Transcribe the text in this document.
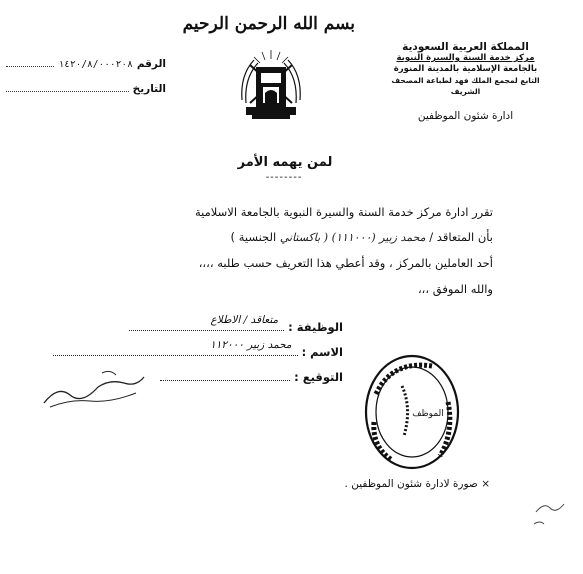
بسم الله الرحمن الرحيم
المملكة العربية السعودية
مركز خدمة السنة والسيرة النبوية
بالجامعة الإسلامية بالمدينة المنورة
التابع لمجمع الملك فهد لطباعة المصحف الشريف
ادارة شئون الموظفين
الرقم
١٤٢٠/٨/٠٠٠٢٠٨
التاريخ
لمن يهمه الأمر
--------
تقرر ادارة مركز خدمة السنة والسيرة النبوية بالجامعة الاسلامية
بأن المتعاقد / محمد زبير (١١١٠٠٠) ( باكستاني الجنسية )
أحد العاملين بالمركز ، وقد أعطي هذا التعريف حسب طلبه ،،،،
والله الموفق ،،،
الوظيفة :
متعاقد / الاطلاع
الاسم :
محمد زبير ١١٢٠٠٠
التوقيع :
الموظف
× صورة لادارة شئون الموظفين .
